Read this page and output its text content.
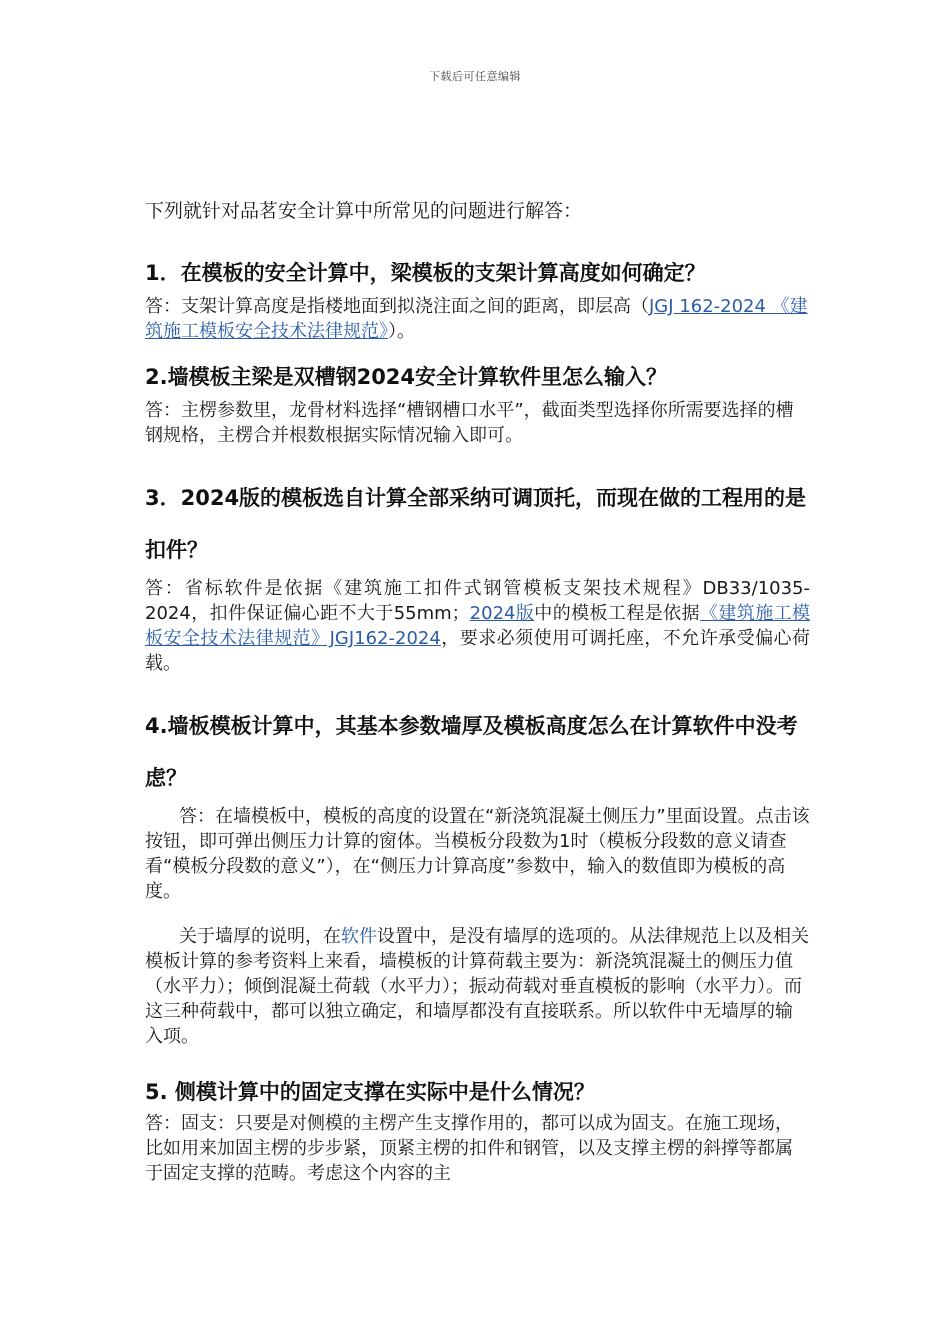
下载后可任意编辑

下列就针对品茗安全计算中所常见的问题进行解答：

1．在模板的安全计算中，梁模板的支架计算高度如何确定？

答：支架计算高度是指楼地面到拟浇注面之间的距离，即层高（JGJ 162-2024 《建筑施工模板安全技术法律规范》）。

2.墙模板主梁是双槽钢2024安全计算软件里怎么输入？

答：主楞参数里，龙骨材料选择“槽钢槽口水平”，截面类型选择你所需要选择的槽钢规格，主楞合并根数根据实际情况输入即可。

3．2024版的模板选自计算全部采纳可调顶托，而现在做的工程用的是扣件？

答：省标软件是依据《建筑施工扣件式钢管模板支架技术规程》DB33/1035-2024，扣件保证偏心距不大于55mm；2024版中的模板工程是依据《建筑施工模板安全技术法律规范》JGJ162-2024，要求必须使用可调托座，不允许承受偏心荷载。

4.墙板模板计算中，其基本参数墙厚及模板高度怎么在计算软件中没考虑？

答：在墙模板中，模板的高度的设置在“新浇筑混凝土侧压力”里面设置。点击该按钮，即可弹出侧压力计算的窗体。当模板分段数为1时（模板分段数的意义请查看“模板分段数的意义”），在“侧压力计算高度”参数中，输入的数值即为模板的高度。

关于墙厚的说明，在软件设置中，是没有墙厚的选项的。从法律规范上以及相关模板计算的参考资料上来看，墙模板的计算荷载主要为：新浇筑混凝土的侧压力值（水平力）；倾倒混凝土荷载（水平力）；振动荷载对垂直模板的影响（水平力）。而这三种荷载中，都可以独立确定，和墙厚都没有直接联系。所以软件中无墙厚的输入项。

5. 侧模计算中的固定支撑在实际中是什么情况？

答：固支：只要是对侧模的主楞产生支撑作用的，都可以成为固支。在施工现场，比如用来加固主楞的步步紧，顶紧主楞的扣件和钢管，以及支撑主楞的斜撑等都属于固定支撑的范畴。考虑这个内容的主
